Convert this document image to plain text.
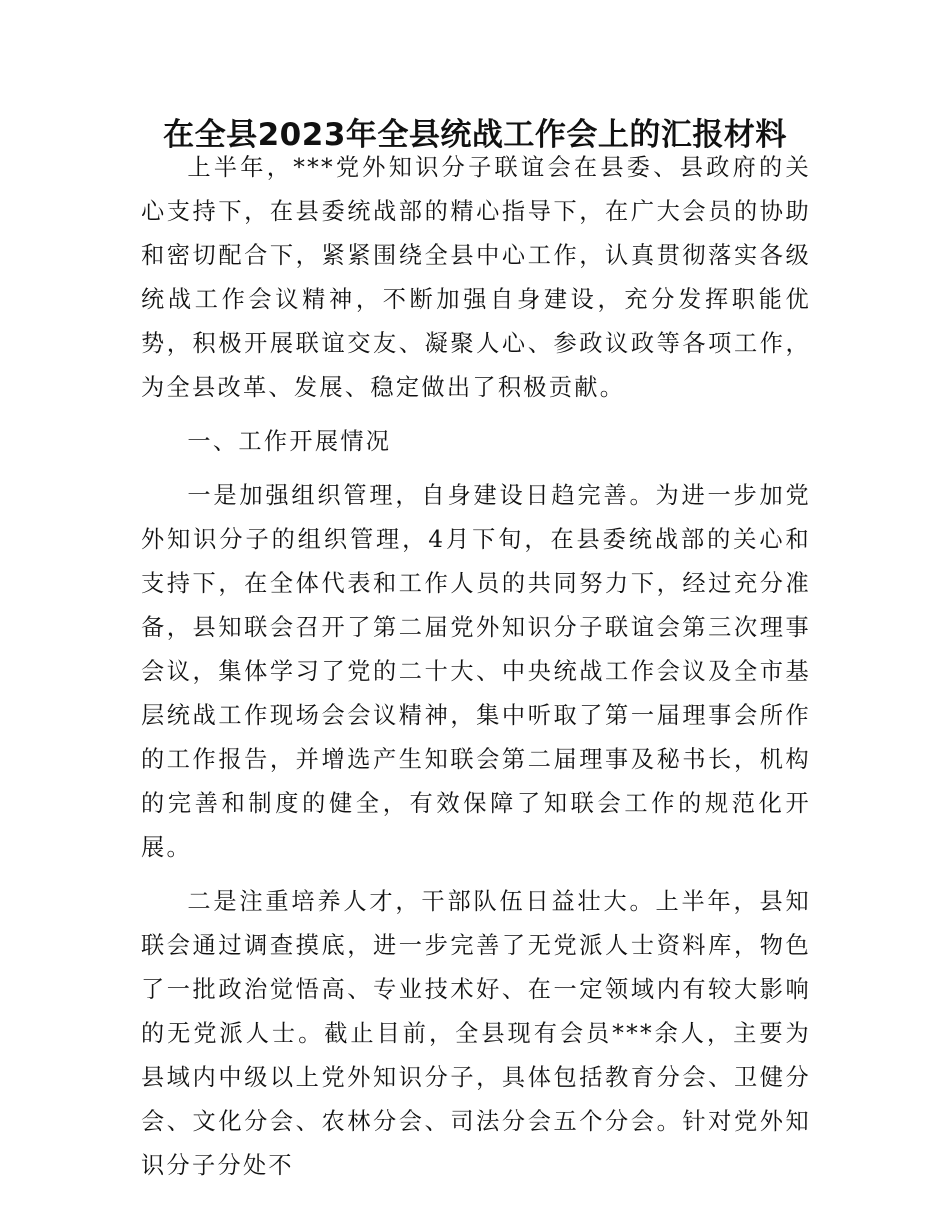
在全县2023年全县统战工作会上的汇报材料

上半年，***党外知识分子联谊会在县委、县政府的关心支持下，在县委统战部的精心指导下，在广大会员的协助和密切配合下，紧紧围绕全县中心工作，认真贯彻落实各级统战工作会议精神，不断加强自身建设，充分发挥职能优势，积极开展联谊交友、凝聚人心、参政议政等各项工作，为全县改革、发展、稳定做出了积极贡献。

一、工作开展情况

一是加强组织管理，自身建设日趋完善。为进一步加党外知识分子的组织管理，4月下旬，在县委统战部的关心和支持下，在全体代表和工作人员的共同努力下，经过充分准备，县知联会召开了第二届党外知识分子联谊会第三次理事会议，集体学习了党的二十大、中央统战工作会议及全市基层统战工作现场会会议精神，集中听取了第一届理事会所作的工作报告，并增选产生知联会第二届理事及秘书长，机构的完善和制度的健全，有效保障了知联会工作的规范化开展。

二是注重培养人才，干部队伍日益壮大。上半年，县知联会通过调查摸底，进一步完善了无党派人士资料库，物色了一批政治觉悟高、专业技术好、在一定领域内有较大影响的无党派人士。截止目前，全县现有会员***余人，主要为县域内中级以上党外知识分子，具体包括教育分会、卫健分会、文化分会、农林分会、司法分会五个分会。针对党外知识分子分处不
